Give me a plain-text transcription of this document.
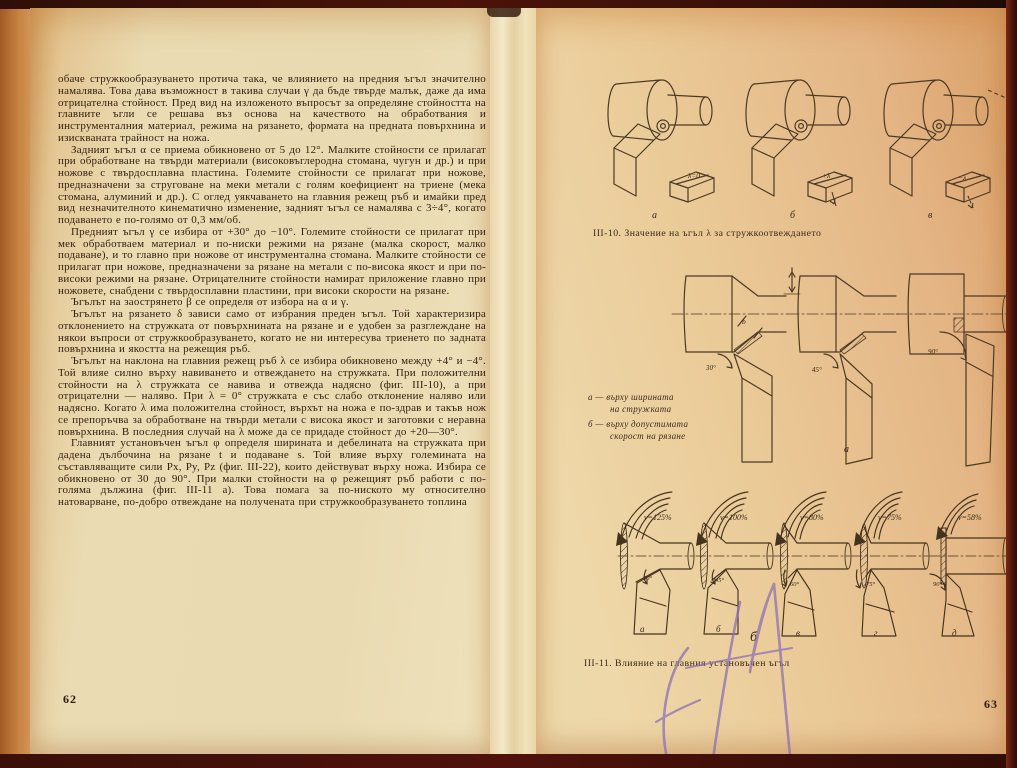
обаче стружкообразуването протича така, че влиянието на предния ъгъл значително намалява. Това дава възможност в такива случаи γ да бъде твърде малък, даже да има отрицателна стойност. Пред вид на изложеното въпросът за определяне стойността на главните ъгли се решава въз основа на качеството на обработвания и инструменталния материал, режима на рязането, формата на предната повърхнина и изискваната трайност на ножа.

Задният ъгъл α се приема обикновено от 5 до 12°. Малките стойности се прилагат при обработване на твърди материали (високовъглеродна стомана, чугун и др.) и при ножове с твърдосплавна пластина. Големите стойности се прилагат при ножове, предназначени за струговане на меки метали с голям коефициент на триене (мека стомана, алуминий и др.). С оглед уякчаването на главния режещ ръб и имайки пред вид незначителното кинематично изменение, задният ъгъл се намалява с 3÷4°, когато подаването е по-голямо от 0,3 мм/об.

Предният ъгъл γ се избира от +30° до −10°. Големите стойности се прилагат при мек обработваем материал и по-ниски режими на рязане (малка скорост, малко подаване), и то главно при ножове от инструментална стомана. Малките стойности се прилагат при ножове, предназначени за рязане на метали с по-висока якост и при по-високи режими на рязане. Отрицателните стойности намират приложение главно при ножовете, снабдени с твърдосплавни пластини, при високи скорости на рязане.

Ъгълът на заострянето β се определя от избора на α и γ.

Ъгълът на рязането δ зависи само от избрания преден ъгъл. Той характеризира отклонението на стружката от повърхнината на рязане и е удобен за разглеждане на някои въпроси от стружкообразуването, когато не ни интересува триенето по задната повърхнина и якостта на режещия ръб.

Ъгълът на наклона на главния режещ ръб λ се избира обикновено между +4° и −4°. Той влияе силно върху навиването и отвеждането на стружката. При положителни стойности на λ стружката се навива и отвежда надясно (фиг. III-10), а при отрицателни — наляво. При λ = 0° стружката е със слабо отклонение наляво или надясно. Когато λ има положителна стойност, върхът на ножа е по-здрав и такъв нож се препоръчва за обработване на твърди метали с висока якост и заготовки с неравна повърхнина. В последния случай на λ може да се придаде стойност до +20—30°.

Главният установъчен ъгъл φ определя ширината и дебелината на стружката при дадена дълбочина на рязане t и подаване s. Той влияе върху големината на съставляващите сили Px, Py, Pz (фиг. III-22), които действуват върху ножа. Избира се обикновено от 30 до 90°. При малки стойности на φ режещият ръб работи с по-голяма дължина (фиг. III-11 а). Това помага за по-ниското му относително натоварване, по-добро отвеждане на получената при стружкообразуването топлина

62
λ=0	+λ	−λ
а	б	в
III-10. Значение на ъгъл λ за стружкоотвеждането
b
30°	45°
90°
а
а — върху ширината
на стружката
б — върху допустимата
скорост на рязане
v=125%	v=100%	v=80%	v=75%	v=58%
30°	45°
60°	75°	90°
а	б	в	г	д
б
III-11. Влияние на главния установъчен ъгъл
63
